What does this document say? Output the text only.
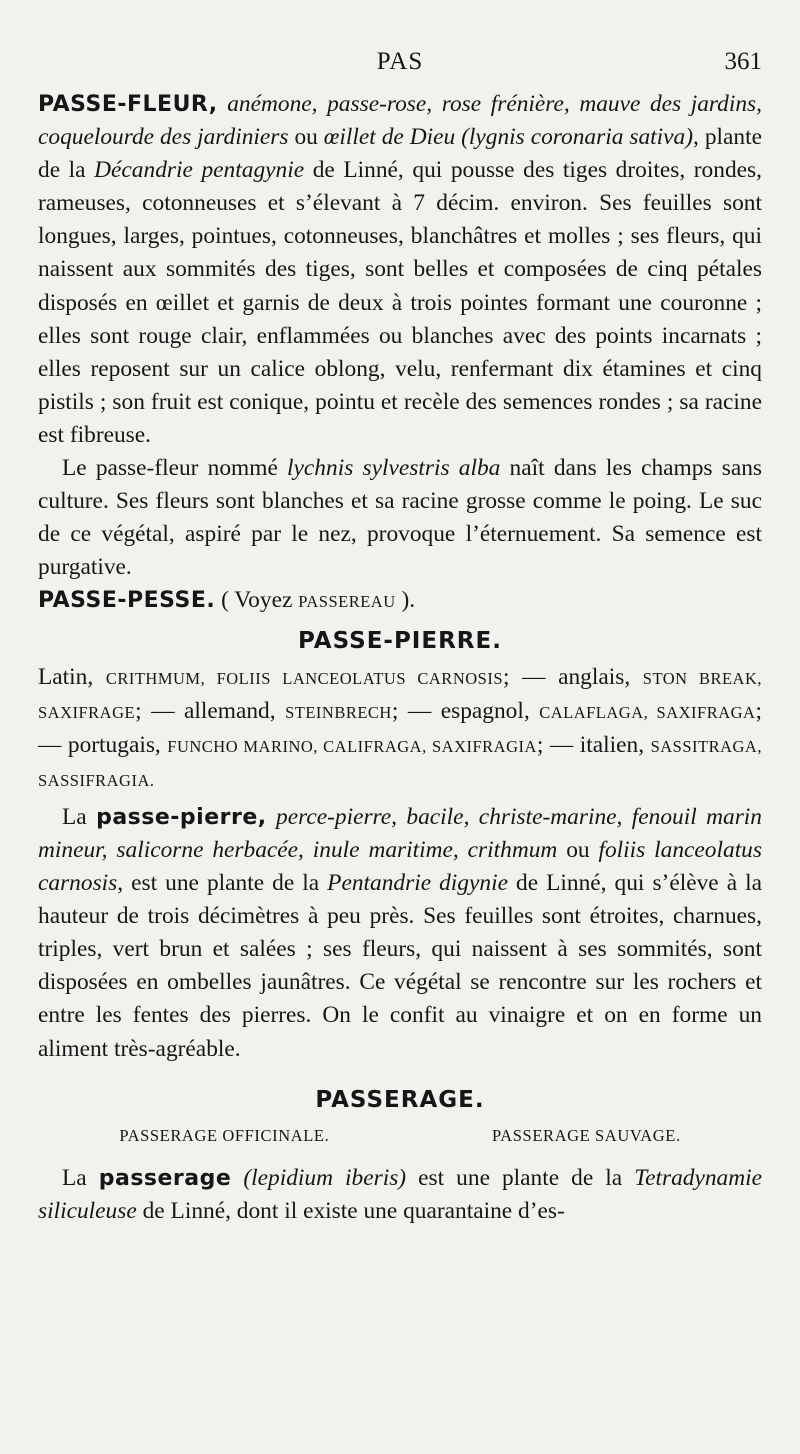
PAS	361

PASSE-FLEUR, anémone, passe-rose, rose frénière, mauve des jardins, coquelourde des jardiniers ou œillet de Dieu (lygnis coronaria sativa), plante de la Décandrie pentagynie de Linné, qui pousse des tiges droites, rondes, rameuses, cotonneuses et s’élevant à 7 décim. environ. Ses feuilles sont longues, larges, pointues, cotonneuses, blanchâtres et molles ; ses fleurs, qui naissent aux sommités des tiges, sont belles et composées de cinq pétales disposés en œillet et garnis de deux à trois pointes formant une couronne ; elles sont rouge clair, enflammées ou blanches avec des points incarnats ; elles reposent sur un calice oblong, velu, renfermant dix étamines et cinq pistils ; son fruit est conique, pointu et recèle des semences rondes ; sa racine est fibreuse.

Le passe-fleur nommé lychnis sylvestris alba naît dans les champs sans culture. Ses fleurs sont blanches et sa racine grosse comme le poing. Le suc de ce végétal, aspiré par le nez, provoque l’éternuement. Sa semence est purgative.

PASSE-PESSE. ( Voyez PASSEREAU ).

PASSE-PIERRE.
Latin, CRITHMUM, FOLIIS LANCEOLATUS CARNOSIS; — anglais, STON BREAK, SAXIFRAGE; — allemand, STEINBRECH; — espagnol, CALAFLAGA, SAXIFRAGA; — portugais, FUNCHO MARINO, CALIFRAGA, SAXIFRAGIA; — italien, SASSITRAGA, SASSIFRAGIA.

La passe-pierre, perce-pierre, bacile, christe-marine, fenouil marin mineur, salicorne herbacée, inule maritime, crithmum ou foliis lanceolatus carnosis, est une plante de la Pentandrie digynie de Linné, qui s’élève à la hauteur de trois décimètres à peu près. Ses feuilles sont étroites, charnues, triples, vert brun et salées ; ses fleurs, qui naissent à ses sommités, sont disposées en ombelles jaunâtres. Ce végétal se rencontre sur les rochers et entre les fentes des pierres. On le confit au vinaigre et on en forme un aliment très-agréable.

PASSERAGE.
PASSERAGE OFFICINALE.	PASSERAGE SAUVAGE.

La passerage (lepidium iberis) est une plante de la Tetradynamie siliculeuse de Linné, dont il existe une quarantaine d’es-
